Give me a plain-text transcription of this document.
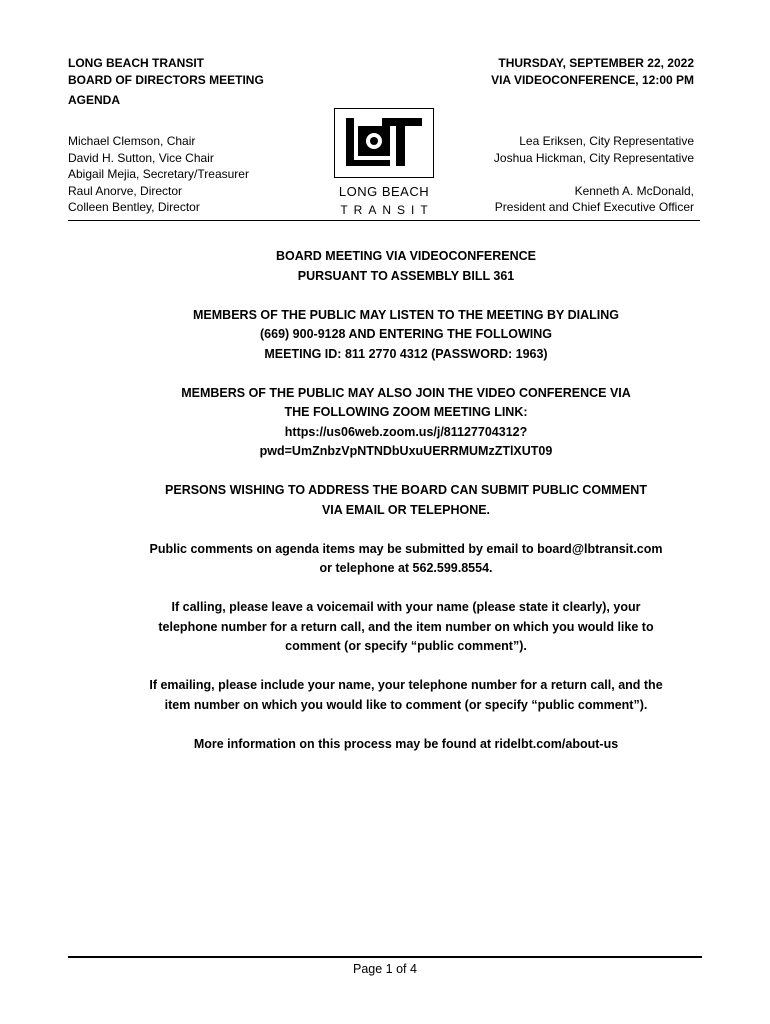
LONG BEACH TRANSIT
BOARD OF DIRECTORS MEETING
AGENDA
THURSDAY, SEPTEMBER 22, 2022
VIA VIDEOCONFERENCE, 12:00 PM
Michael Clemson, Chair
David H. Sutton, Vice Chair
Abigail Mejia, Secretary/Treasurer
Raul Anorve, Director
Colleen Bentley, Director
LONG BEACH
TRANSIT
Lea Eriksen, City Representative
Joshua Hickman, City Representative
Kenneth A. McDonald,
President and Chief Executive Officer

BOARD MEETING VIA VIDEOCONFERENCE

PURSUANT TO ASSEMBLY BILL 361

MEMBERS OF THE PUBLIC MAY LISTEN TO THE MEETING BY DIALING

(669) 900-9128 AND ENTERING THE FOLLOWING

MEETING ID: 811 2770 4312 (PASSWORD: 1963)

MEMBERS OF THE PUBLIC MAY ALSO JOIN THE VIDEO CONFERENCE VIA

THE FOLLOWING ZOOM MEETING LINK:

https://us06web.zoom.us/j/81127704312?

pwd=UmZnbzVpNTNDbUxuUERRMUMzZTlXUT09

PERSONS WISHING TO ADDRESS THE BOARD CAN SUBMIT PUBLIC COMMENT

VIA EMAIL OR TELEPHONE.

Public comments on agenda items may be submitted by email to board@lbtransit.com

or telephone at 562.599.8554.

If calling, please leave a voicemail with your name (please state it clearly), your

telephone number for a return call, and the item number on which you would like to

comment (or specify “public comment”).

If emailing, please include your name, your telephone number for a return call, and the

item number on which you would like to comment (or specify “public comment”).

More information on this process may be found at ridelbt.com/about-us

Page 1 of 4
